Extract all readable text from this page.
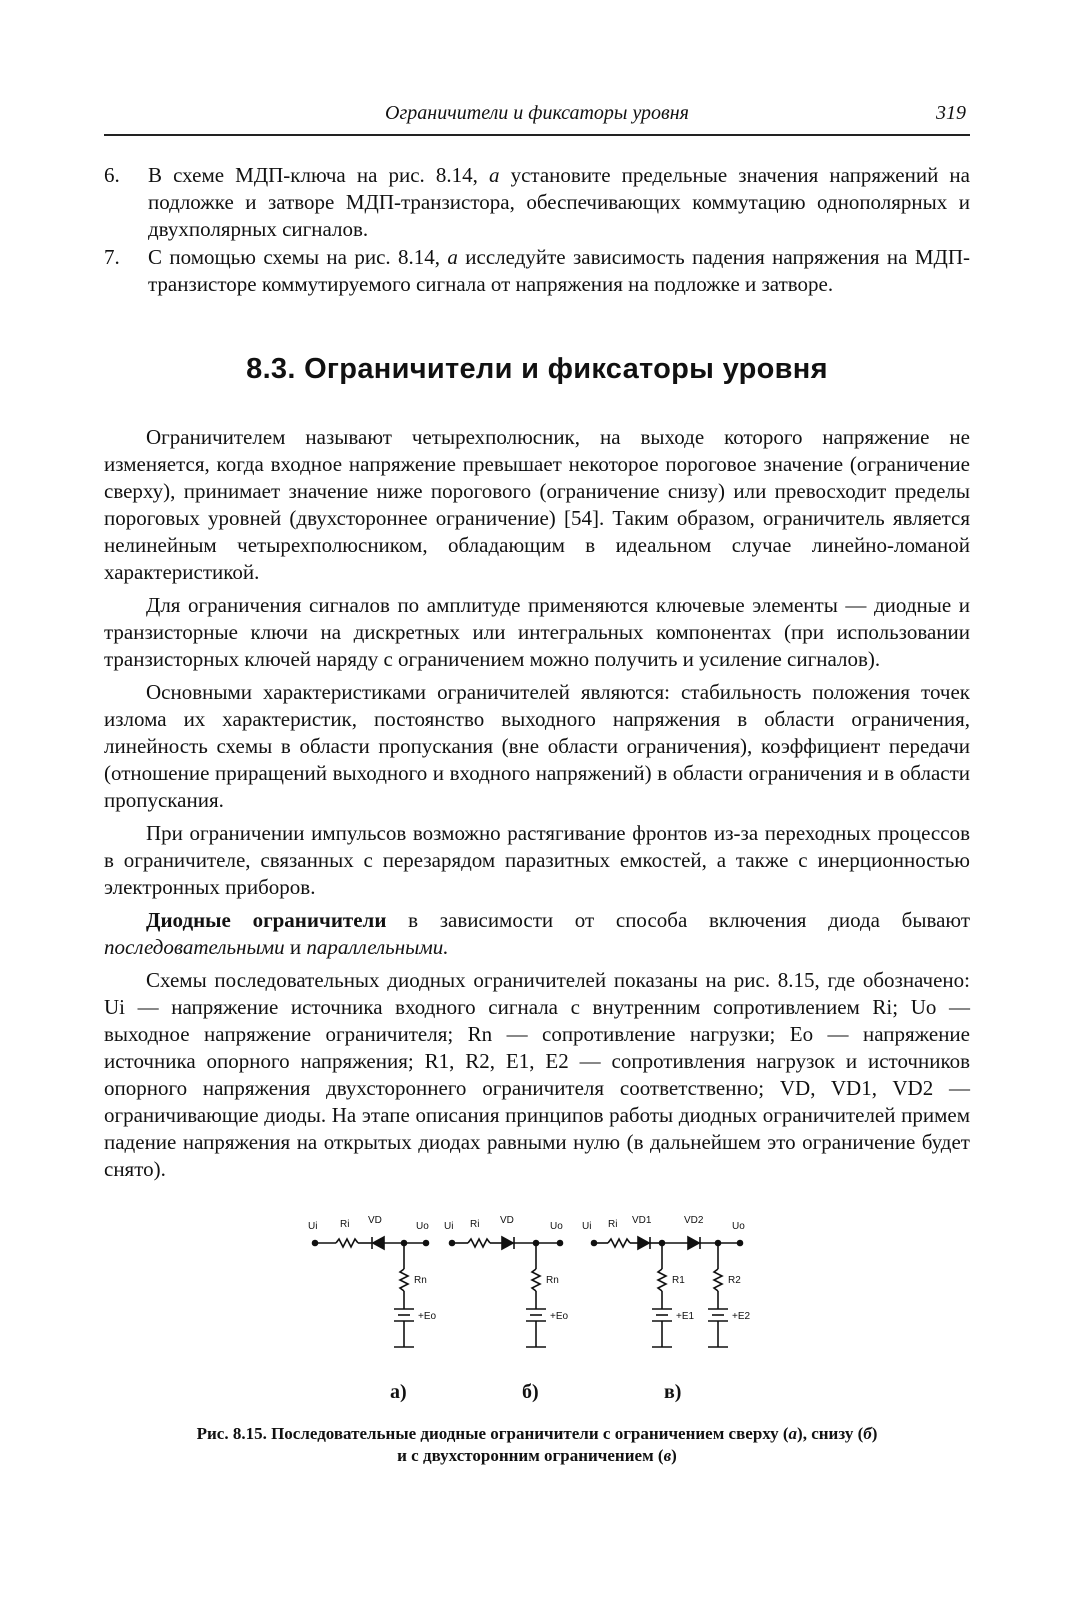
Ограничители и фиксаторы уровня	319
6. В схеме МДП-ключа на рис. 8.14, а установите предельные значения напряжений на подложке и затворе МДП-транзистора, обеспечивающих коммутацию однополярных и двухполярных сигналов.
7. С помощью схемы на рис. 8.14, а исследуйте зависимость падения напряжения на МДП-транзисторе коммутируемого сигнала от напряжения на подложке и затворе.
8.3. Ограничители и фиксаторы уровня

Ограничителем называют четырехполюсник, на выходе которого напряжение не изменяется, когда входное напряжение превышает некоторое пороговое значение (ограничение сверху), принимает значение ниже порогового (ограничение снизу) или превосходит пределы пороговых уровней (двухстороннее ограничение) [54]. Таким образом, ограничитель является нелинейным четырехполюсником, обладающим в идеальном случае линейно-ломаной характеристикой.

Для ограничения сигналов по амплитуде применяются ключевые элементы — диодные и транзисторные ключи на дискретных или интегральных компонентах (при использовании транзисторных ключей наряду с ограничением можно получить и усиление сигналов).

Основными характеристиками ограничителей являются: стабильность положения точек излома их характеристик, постоянство выходного напряжения в области ограничения, линейность схемы в области пропускания (вне области ограничения), коэффициент передачи (отношение приращений выходного и входного напряжений) в области ограничения и в области пропускания.

При ограничении импульсов возможно растягивание фронтов из-за переходных процессов в ограничителе, связанных с перезарядом паразитных емкостей, а также с инерционностью электронных приборов.

Диодные ограничители в зависимости от способа включения диода бывают последовательными и параллельными.

Схемы последовательных диодных ограничителей показаны на рис. 8.15, где обозначено: Ui — напряжение источника входного сигнала с внутренним сопротивлением Ri; Uo — выходное напряжение ограничителя; Rn — сопротивление нагрузки; Eo — напряжение источника опорного напряжения; R1, R2, E1, E2 — сопротивления нагрузок и источников опорного напряжения двухстороннего ограничителя соответственно; VD, VD1, VD2 — ограничивающие диоды. На этапе описания принципов работы диодных ограничителей примем падение напряжения на открытых диодах равными нулю (в дальнейшем это ограничение будет снято).

Ui Ri VD
Uo
Rn
+Eo
Ui Ri VD
Uo
Rn
+Eo
Ui Ri VD1	VD2
Uo
R1	R2
+E1	+E2
а)	б)	в)
Рис. 8.15. Последовательные диодные ограничители с ограничением сверху (а), снизу (б)
и с двухсторонним ограничением (в)
